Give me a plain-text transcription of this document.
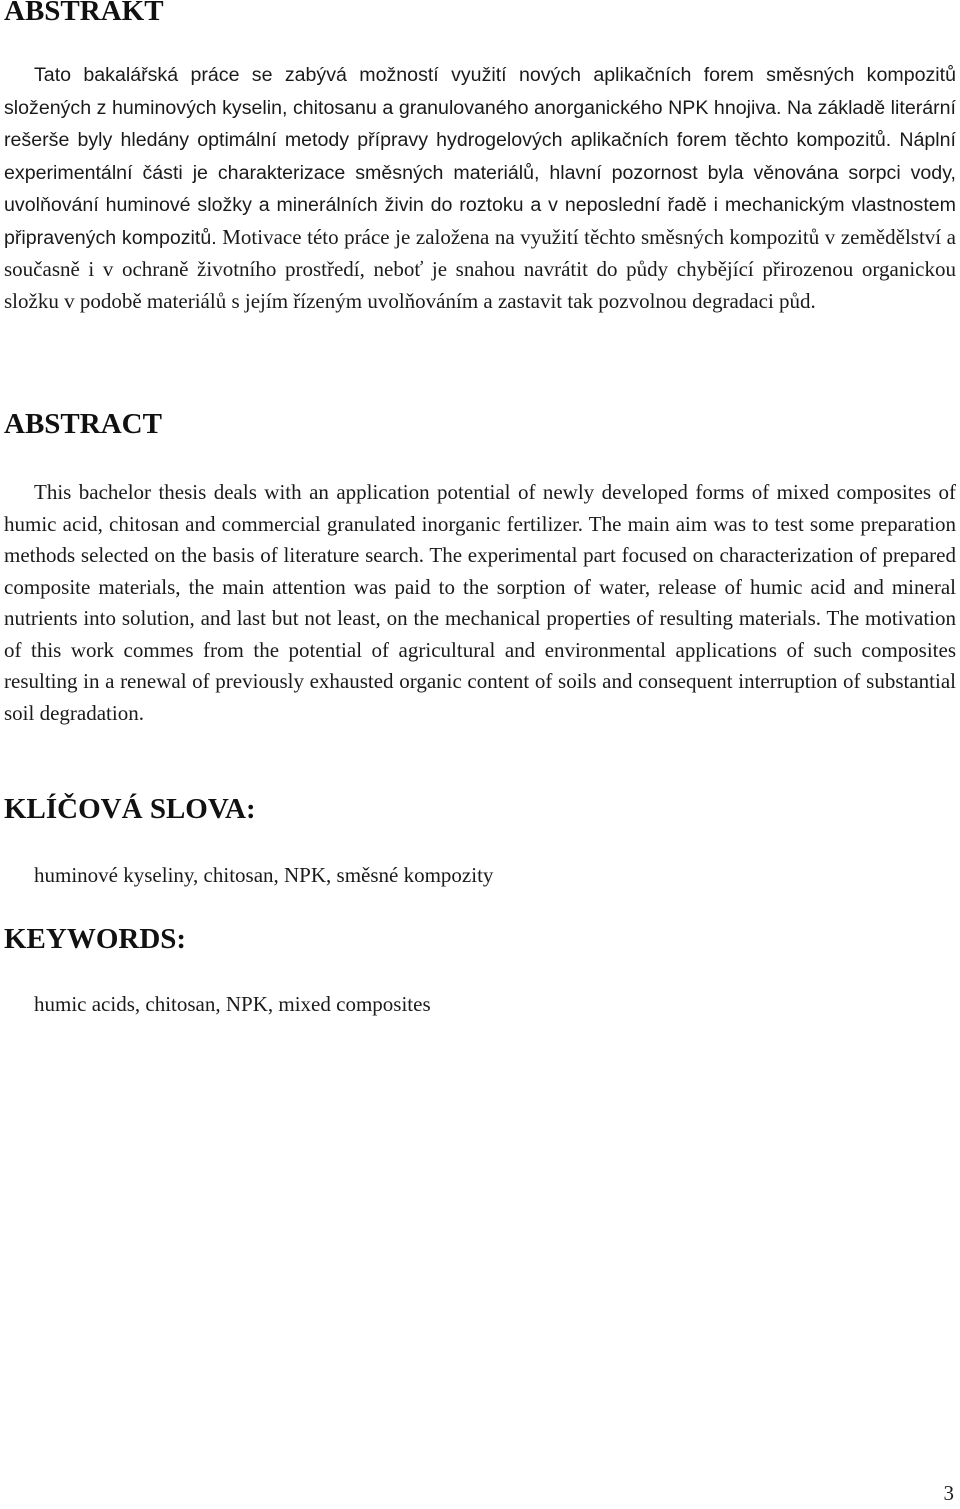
ABSTRAKT

Tato bakalářská práce se zabývá možností využití nových aplikačních forem směsných kompozitů složených z huminových kyselin, chitosanu a granulovaného anorganického NPK hnojiva. Na základě literární rešerše byly hledány optimální metody přípravy hydrogelových aplikačních forem těchto kompozitů. Náplní experimentální části je charakterizace směsných materiálů, hlavní pozornost byla věnována sorpci vody, uvolňování huminové složky a minerálních živin do roztoku a v neposlední řadě i mechanickým vlastnostem připravených kompozitů. Motivace této práce je založena na využití těchto směsných kompozitů v zemědělství a současně i v ochraně životního prostředí, neboť je snahou navrátit do půdy chybějící přirozenou organickou složku v podobě materiálů s jejím řízeným uvolňováním a zastavit tak pozvolnou degradaci půd.

ABSTRACT

This bachelor thesis deals with an application potential of newly developed forms of mixed composites of humic acid, chitosan and commercial granulated inorganic fertilizer. The main aim was to test some preparation methods selected on the basis of literature search. The experimental part focused on characterization of prepared composite materials, the main attention was paid to the sorption of water, release of humic acid and mineral nutrients into solution, and last but not least, on the mechanical properties of resulting materials. The motivation of this work commes from the potential of agricultural and environmental applications of such composites resulting in a renewal of previously exhausted organic content of soils and consequent interruption of substantial soil degradation.

KLÍČOVÁ SLOVA:

huminové kyseliny, chitosan, NPK, směsné kompozity

KEYWORDS:

humic acids, chitosan, NPK, mixed composites

3
